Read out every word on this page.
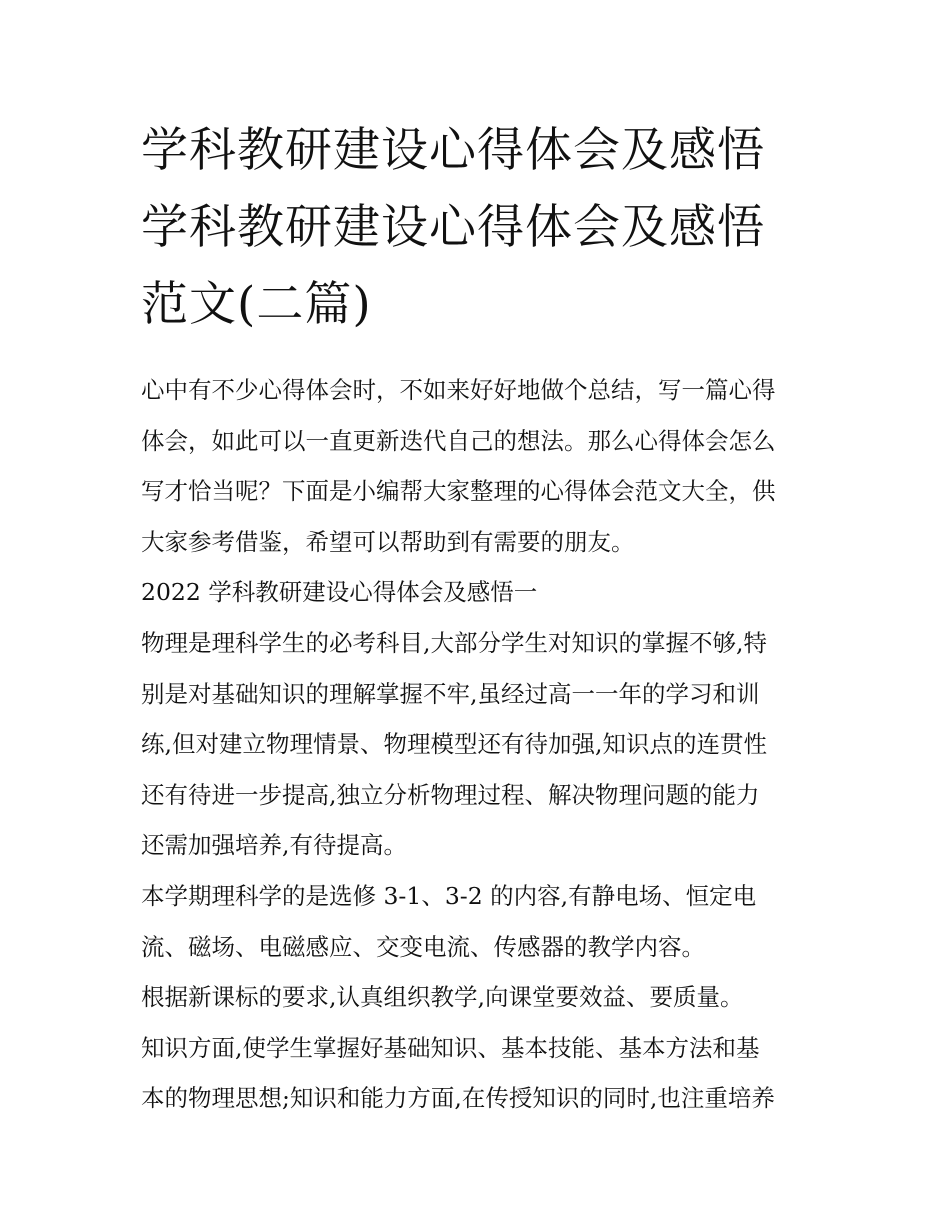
学科教研建设心得体会及感悟
学科教研建设心得体会及感悟
范文(二篇)

心中有不少心得体会时，不如来好好地做个总结，写一篇心得
体会，如此可以一直更新迭代自己的想法。那么心得体会怎么
写才恰当呢？下面是小编帮大家整理的心得体会范文大全，供
大家参考借鉴，希望可以帮助到有需要的朋友。

2022 学科教研建设心得体会及感悟一

物理是理科学生的必考科目,大部分学生对知识的掌握不够,特
别是对基础知识的理解掌握不牢,虽经过高一一年的学习和训
练,但对建立物理情景、物理模型还有待加强,知识点的连贯性
还有待进一步提高,独立分析物理过程、解决物理问题的能力
还需加强培养,有待提高。

本学期理科学的是选修 3-1、3-2 的内容,有静电场、恒定电
流、磁场、电磁感应、交变电流、传感器的教学内容。

根据新课标的要求,认真组织教学,向课堂要效益、要质量。

知识方面,使学生掌握好基础知识、基本技能、基本方法和基
本的物理思想;知识和能力方面,在传授知识的同时,也注重培养
